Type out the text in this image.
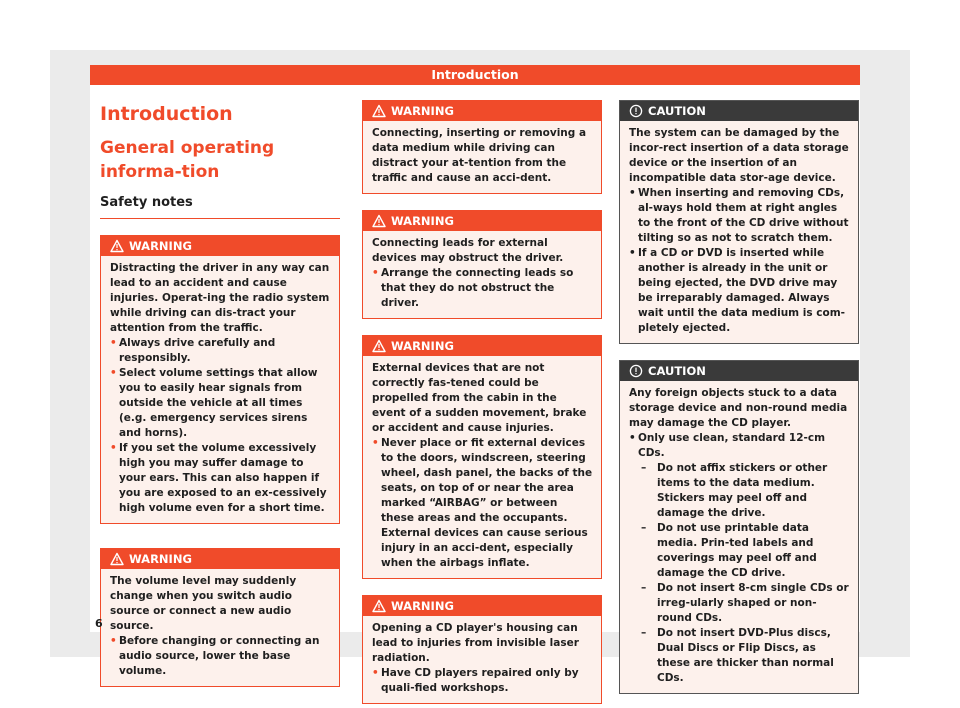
Introduction
Introduction
General operating informa-tion
Safety notes
WARNING

Distracting the driver in any way can lead to an accident and cause injuries. Operat-ing the radio system while driving can dis-tract your attention from the traffic.

• Always drive carefully and responsibly.

• Select volume settings that allow you to easily hear signals from outside the vehicle at all times (e.g. emergency services sirens and horns).

• If you set the volume excessively high you may suffer damage to your ears. This can also happen if you are exposed to an ex-cessively high volume even for a short time.

WARNING

The volume level may suddenly change when you switch audio source or connect a new audio source.

• Before changing or connecting an audio source, lower the base volume.

WARNING

Connecting, inserting or removing a data medium while driving can distract your at-tention from the traffic and cause an acci-dent.

WARNING

Connecting leads for external devices may obstruct the driver.

• Arrange the connecting leads so that they do not obstruct the driver.

WARNING

External devices that are not correctly fas-tened could be propelled from the cabin in the event of a sudden movement, brake or accident and cause injuries.

• Never place or fit external devices to the doors, windscreen, steering wheel, dash panel, the backs of the seats, on top of or near the area marked “AIRBAG” or between these areas and the occupants. External devices can cause serious injury in an acci-dent, especially when the airbags inflate.

WARNING

Opening a CD player's housing can lead to injuries from invisible laser radiation.

• Have CD players repaired only by quali-fied workshops.

CAUTION

The system can be damaged by the incor-rect insertion of a data storage device or the insertion of an incompatible data stor-age device.

• When inserting and removing CDs, al-ways hold them at right angles to the front of the CD drive without tilting so as not to scratch them.

• If a CD or DVD is inserted while another is already in the unit or being ejected, the DVD drive may be irreparably damaged. Always wait until the data medium is com-pletely ejected.

CAUTION

Any foreign objects stuck to a data storage device and non-round media may damage the CD player.

• Only use clean, standard 12-cm CDs.

– Do not affix stickers or other items to the data medium. Stickers may peel off and damage the drive.

– Do not use printable data media. Prin-ted labels and coverings may peel off and damage the CD drive.

– Do not insert 8-cm single CDs or irreg-ularly shaped or non-round CDs.

– Do not insert DVD-Plus discs, Dual Discs or Flip Discs, as these are thicker than normal CDs.

6
